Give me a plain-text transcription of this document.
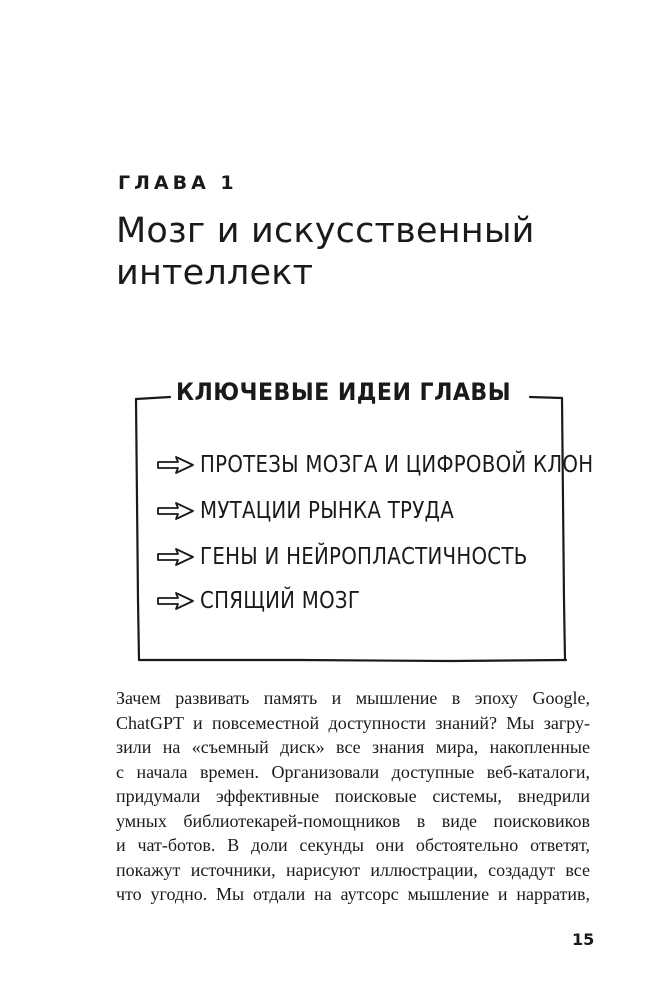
ГЛАВА 1
Мозг и искусственный
интеллект
КЛЮЧЕВЫЕ ИДЕИ ГЛАВЫ
ПРОТЕЗЫ МОЗГА И ЦИФРОВОЙ КЛОН
МУТАЦИИ РЫНКА ТРУДА
ГЕНЫ И НЕЙРОПЛАСТИЧНОСТЬ
СПЯЩИЙ МОЗГ
Зачем развивать память и мышление в эпоху Google,
ChatGPT и повсеместной доступности знаний? Мы загру-
зили на «съемный диск» все знания мира, накопленные
с начала времен. Организовали доступные веб-каталоги,
придумали эффективные поисковые системы, внедрили
умных библиотекарей-помощников в виде поисковиков
и чат-ботов. В доли секунды они обстоятельно ответят,
покажут источники, нарисуют иллюстрации, создадут все
что угодно. Мы отдали на аутсорс мышление и нарратив,
15
